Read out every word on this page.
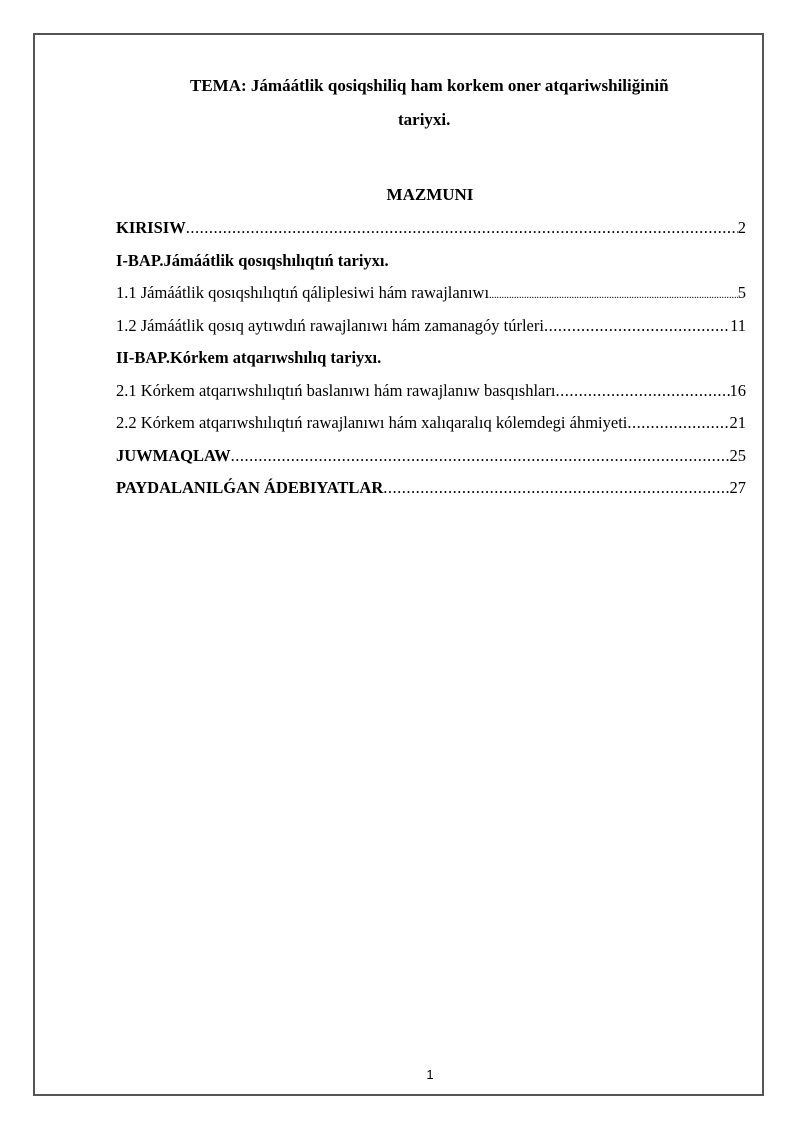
TEMA: Jámáátlik qosiqshiliq ham korkem oner atqariwshiliğiniñ
tariyxi.
MAZMUNI
KIRISIW .....	2
I-BAP.Jámáátlik qosıqshılıqtıń tariyxı.
1.1 Jámáátlik qosıqshılıqtıń qáliplesiwi hám rawajlanıwı .....	5
1.2 Jámáátlik qosıq aytıwdıń rawajlanıwı hám zamanagóy túrleri .....	11
II-BAP.Kórkem atqarıwshılıq tariyxı.
2.1 Kórkem atqarıwshılıqtıń baslanıwı hám rawajlanıw basqıshları .....	16
2.2 Kórkem atqarıwshılıqtıń rawajlanıwı hám xalıqaralıq kólemdegi áhmiyeti .....	21
JUWMAQLAW .....	25
PAYDALANILǴAN ÁDEBIYATLAR .....	27
1
